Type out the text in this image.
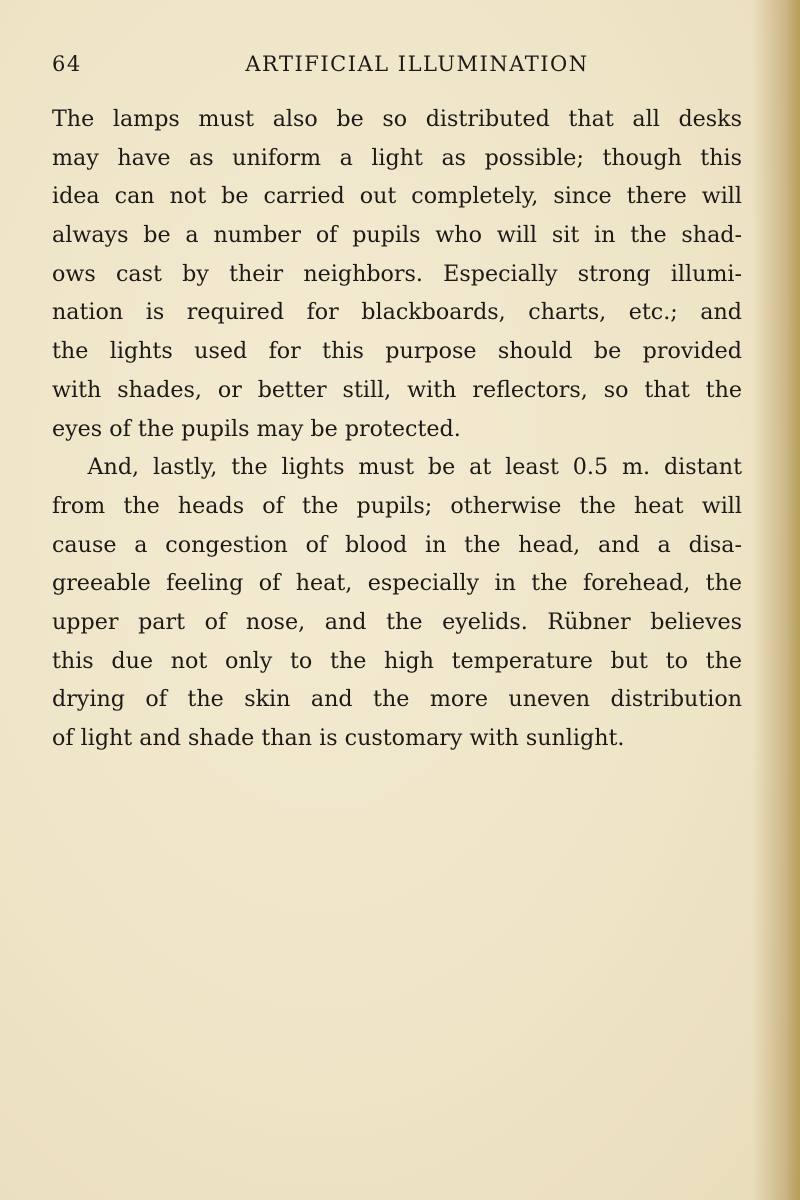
64	ARTIFICIAL ILLUMINATION
The lamps must also be so distributed that all desks
may have as uniform a light as possible; though this
idea can not be carried out completely, since there will
always be a number of pupils who will sit in the shad-
ows cast by their neighbors. Especially strong illumi-
nation is required for blackboards, charts, etc.; and
the lights used for this purpose should be provided
with shades, or better still, with reflectors, so that the
eyes of the pupils may be protected.
And, lastly, the lights must be at least 0.5 m. distant
from the heads of the pupils; otherwise the heat will
cause a congestion of blood in the head, and a disa-
greeable feeling of heat, especially in the forehead, the
upper part of nose, and the eyelids. Rübner believes
this due not only to the high temperature but to the
drying of the skin and the more uneven distribution
of light and shade than is customary with sunlight.
